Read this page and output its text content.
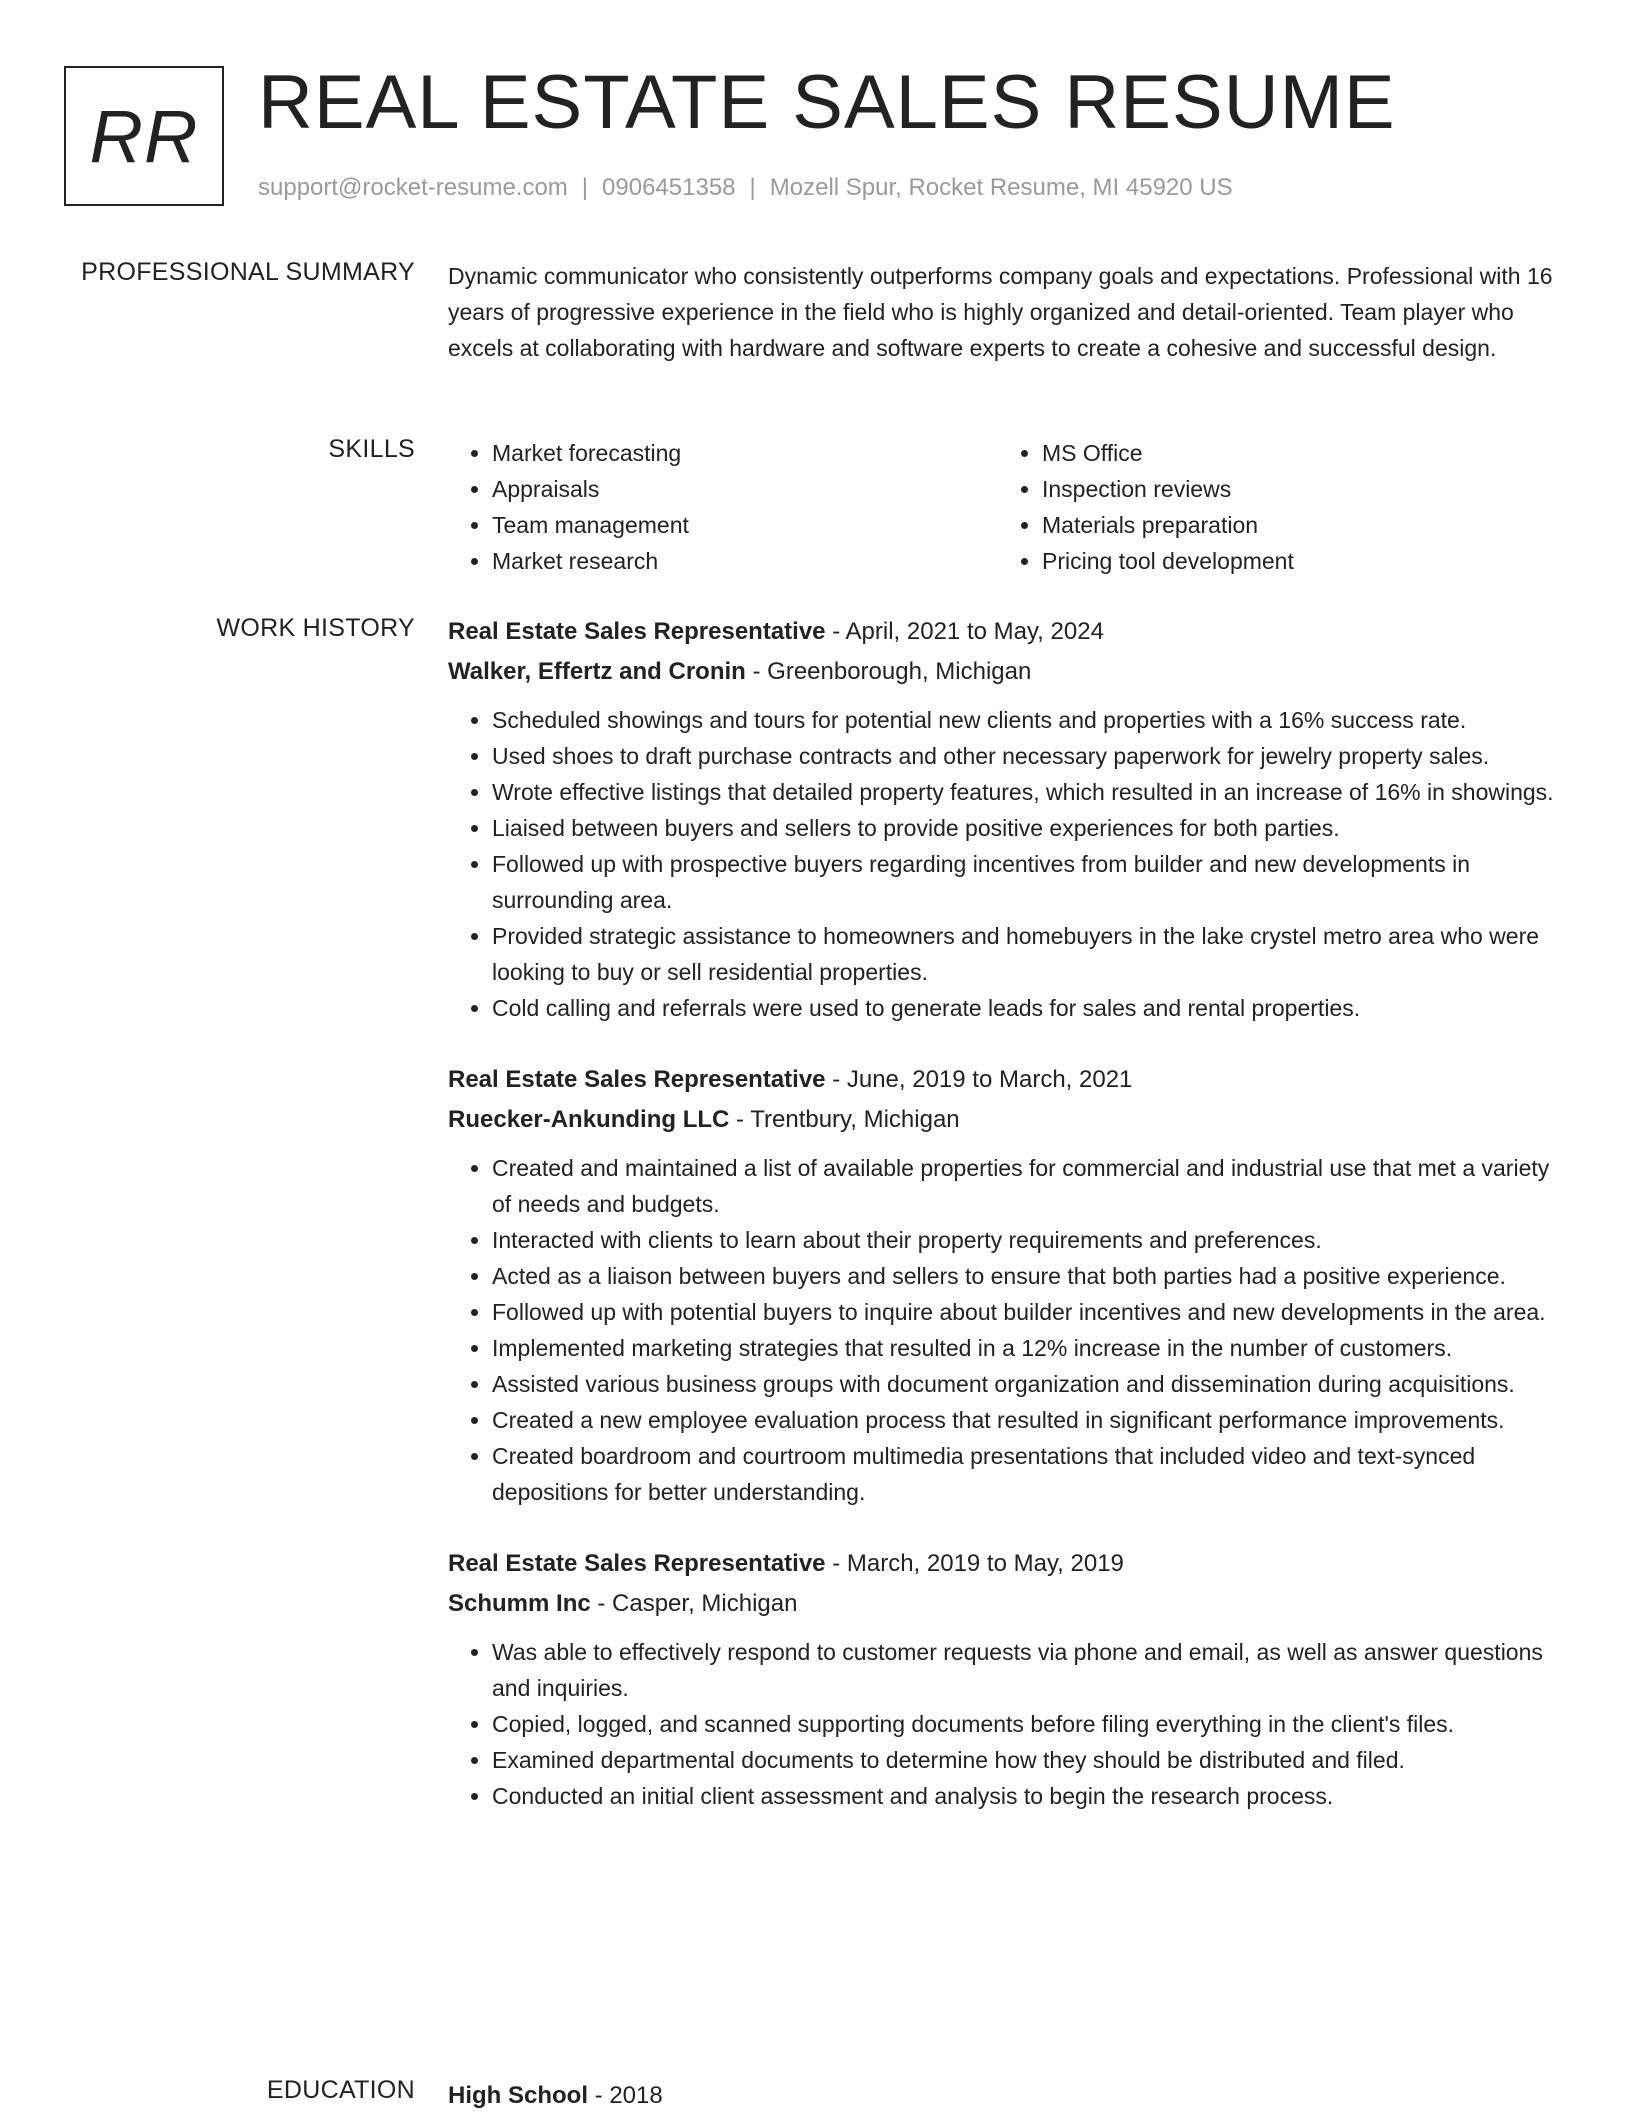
RR REAL ESTATE SALES RESUME
support@rocket-resume.com | 0906451358 | Mozell Spur, Rocket Resume, MI 45920 US
PROFESSIONAL SUMMARY Dynamic communicator who consistently outperforms company goals and expectations. Professional with 16 years of progressive experience in the field who is highly organized and detail-oriented. Team player who excels at collaborating with hardware and software experts to create a cohesive and successful design.

SKILLS
•	Market forecasting
• Appraisals
• Team management
• Market research
• MS Office
• Inspection reviews
• Materials preparation
• Pricing tool development
WORK HISTORY Real Estate Sales Representative - April, 2021 to May, 2024
Walker, Effertz and Cronin - Greenborough, Michigan
• Scheduled showings and tours for potential new clients and properties with a 16% success rate.
• Used shoes to draft purchase contracts and other necessary paperwork for jewelry property sales.
• Wrote effective listings that detailed property features, which resulted in an increase of 16% in showings.
• Liaised between buyers and sellers to provide positive experiences for both parties.
• Followed up with prospective buyers regarding incentives from builder and new developments in surrounding area.
• Provided strategic assistance to homeowners and homebuyers in the lake crystel metro area who were looking to buy or sell residential properties.
• Cold calling and referrals were used to generate leads for sales and rental properties.
Real Estate Sales Representative - June, 2019 to March, 2021
Ruecker-Ankunding LLC - Trentbury, Michigan
• Created and maintained a list of available properties for commercial and industrial use that met a variety of needs and budgets.
• Interacted with clients to learn about their property requirements and preferences.
• Acted as a liaison between buyers and sellers to ensure that both parties had a positive experience.
• Followed up with potential buyers to inquire about builder incentives and new developments in the area.
• Implemented marketing strategies that resulted in a 12% increase in the number of customers.
• Assisted various business groups with document organization and dissemination during acquisitions.
• Created a new employee evaluation process that resulted in significant performance improvements.
• Created boardroom and courtroom multimedia presentations that included video and text-synced depositions for better understanding.
Real Estate Sales Representative - March, 2019 to May, 2019
Schumm Inc - Casper, Michigan
• Was able to effectively respond to customer requests via phone and email, as well as answer questions and inquiries.
• Copied, logged, and scanned supporting documents before filing everything in the client's files.
• Examined departmental documents to determine how they should be distributed and filed.
• Conducted an initial client assessment and analysis to begin the research process.
EDUCATION High School - 2018
